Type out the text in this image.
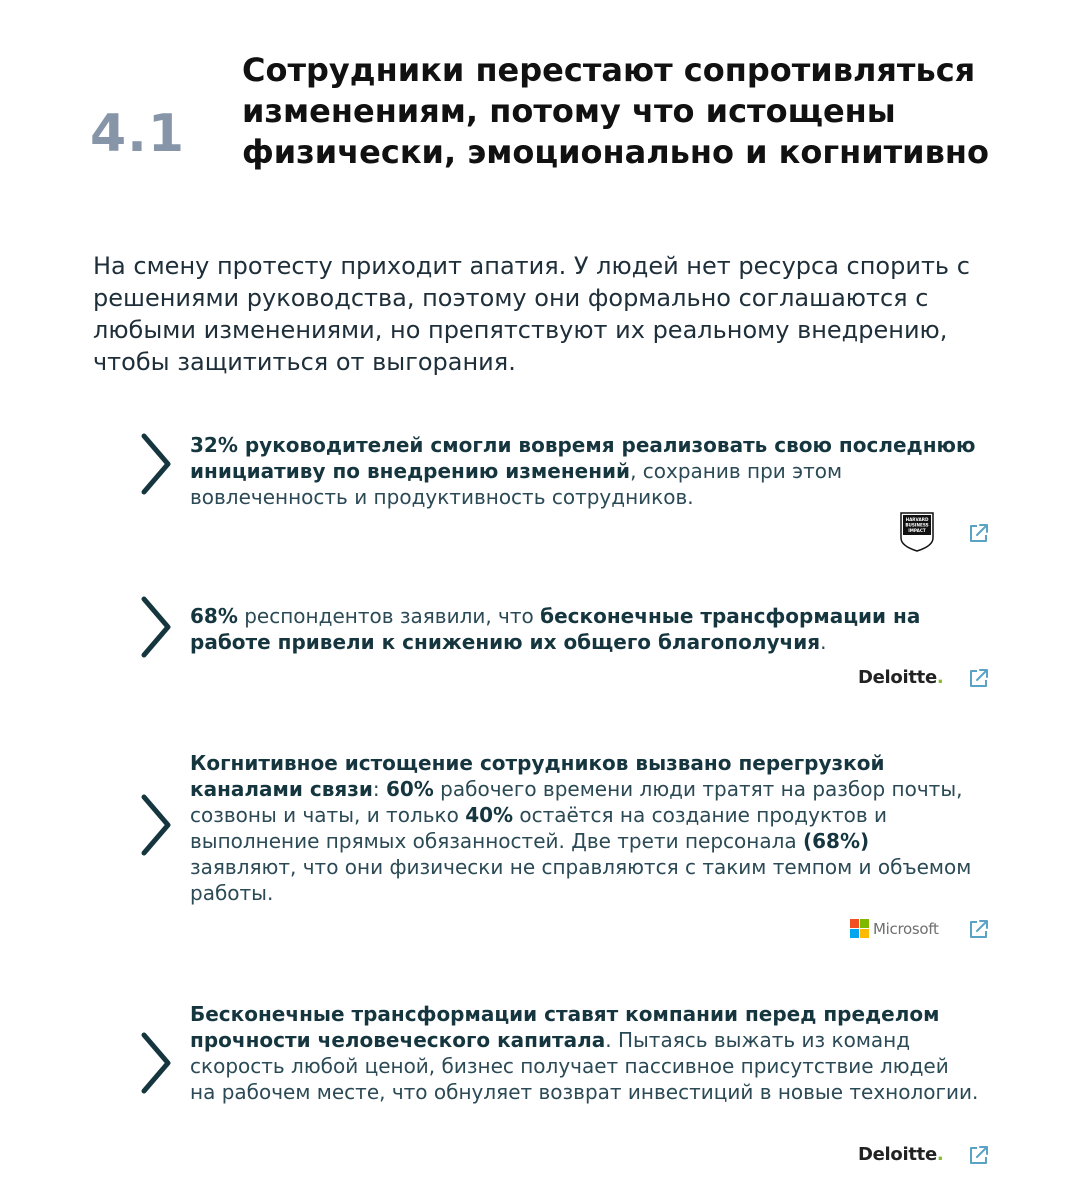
4.1
Сотрудники перестают сопротивляться изменениям, потому что истощены физически, эмоционально и когнитивно
На смену протесту приходит апатия. У людей нет ресурса спорить с решениями руководства, поэтому они формально соглашаются с любыми изменениями, но препятствуют их реальному внедрению, чтобы защититься от выгорания.
32% руководителей смогли вовремя реализовать свою последнюю инициативу по внедрению изменений, сохранив при этом вовлеченность и продуктивность сотрудников.
HARVARD
BUSINESS
IMPACT
68% респондентов заявили, что бесконечные трансформации на работе привели к снижению их общего благополучия.
Deloitte.
Когнитивное истощение сотрудников вызвано перегрузкой каналами связи: 60% рабочего времени люди тратят на разбор почты, созвоны и чаты, и только 40% остаётся на создание продуктов и выполнение прямых обязанностей. Две трети персонала (68%) заявляют, что они физически не справляются с таким темпом и объемом работы.
Microsoft
Бесконечные трансформации ставят компании перед пределом прочности человеческого капитала. Пытаясь выжать из команд скорость любой ценой, бизнес получает пассивное присутствие людей на рабочем месте, что обнуляет возврат инвестиций в новые технологии.
Deloitte.
